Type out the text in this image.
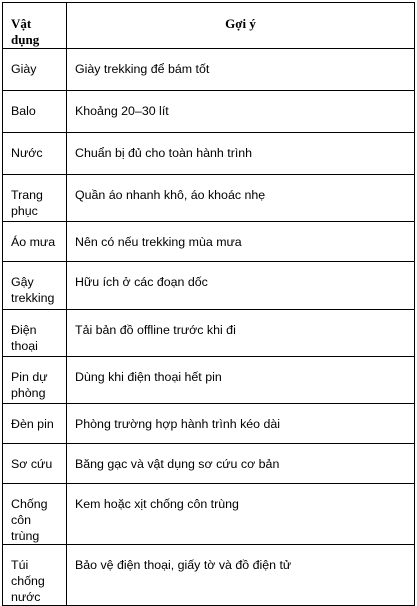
Vật dụng	Gợi ý
Giày	Giày trekking để bám tốt
Balo	Khoảng 20–30 lít
Nước	Chuẩn bị đủ cho toàn hành trình
Trang phục	Quần áo nhanh khô, áo khoác nhẹ
Áo mưa	Nên có nếu trekking mùa mưa
Gậy trekking	Hữu ích ở các đoạn dốc
Điện thoại	Tải bản đồ offline trước khi đi
Pin dự phòng	Dùng khi điện thoại hết pin
Đèn pin	Phòng trường hợp hành trình kéo dài
Sơ cứu	Băng gạc và vật dụng sơ cứu cơ bản
Chống côn trùng	Kem hoặc xịt chống côn trùng
Túi chống nước	Bảo vệ điện thoại, giấy tờ và đồ điện tử
